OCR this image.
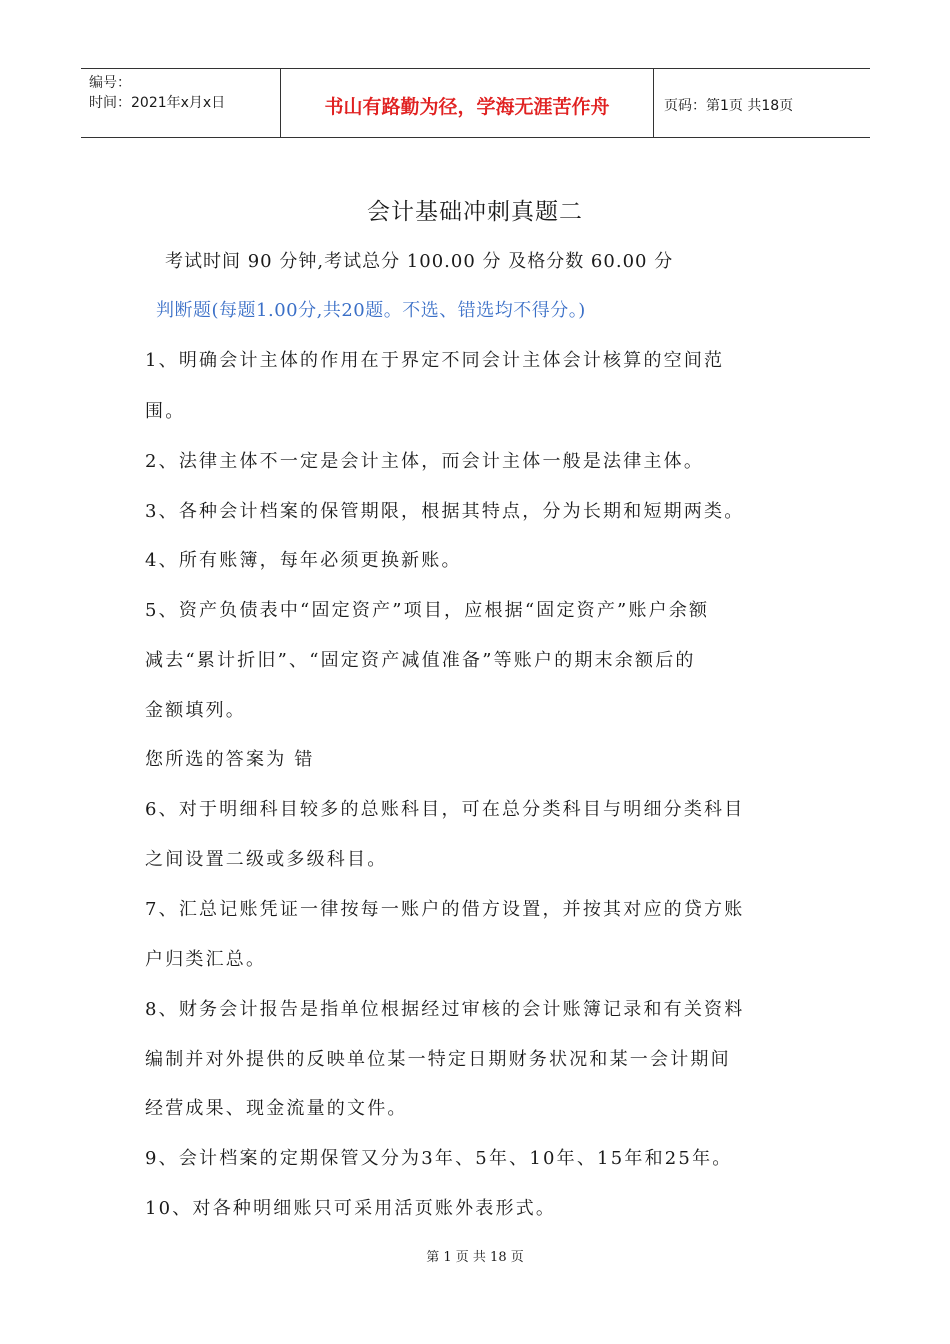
编号：
时间：2021年x月x日	书山有路勤为径，学海无涯苦作舟	页码：第1页 共18页
会计基础冲刺真题二
考试时间 90 分钟,考试总分 100.00 分 及格分数 60.00 分
判断题(每题1.00分,共20题。不选、错选均不得分。)
1、明确会计主体的作用在于界定不同会计主体会计核算的空间范
围。
2、法律主体不一定是会计主体，而会计主体一般是法律主体。
3、各种会计档案的保管期限，根据其特点，分为长期和短期两类。
4、所有账簿，每年必须更换新账。
5、资产负债表中“固定资产”项目，应根据“固定资产”账户余额
减去“累计折旧”、“固定资产减值准备”等账户的期末余额后的
金额填列。
您所选的答案为 错
6、对于明细科目较多的总账科目，可在总分类科目与明细分类科目
之间设置二级或多级科目。
7、汇总记账凭证一律按每一账户的借方设置，并按其对应的贷方账
户归类汇总。
8、财务会计报告是指单位根据经过审核的会计账簿记录和有关资料
编制并对外提供的反映单位某一特定日期财务状况和某一会计期间
经营成果、现金流量的文件。
9、会计档案的定期保管又分为3年、5年、10年、15年和25年。
10、对各种明细账只可采用活页账外表形式。
第 1 页 共 18 页
